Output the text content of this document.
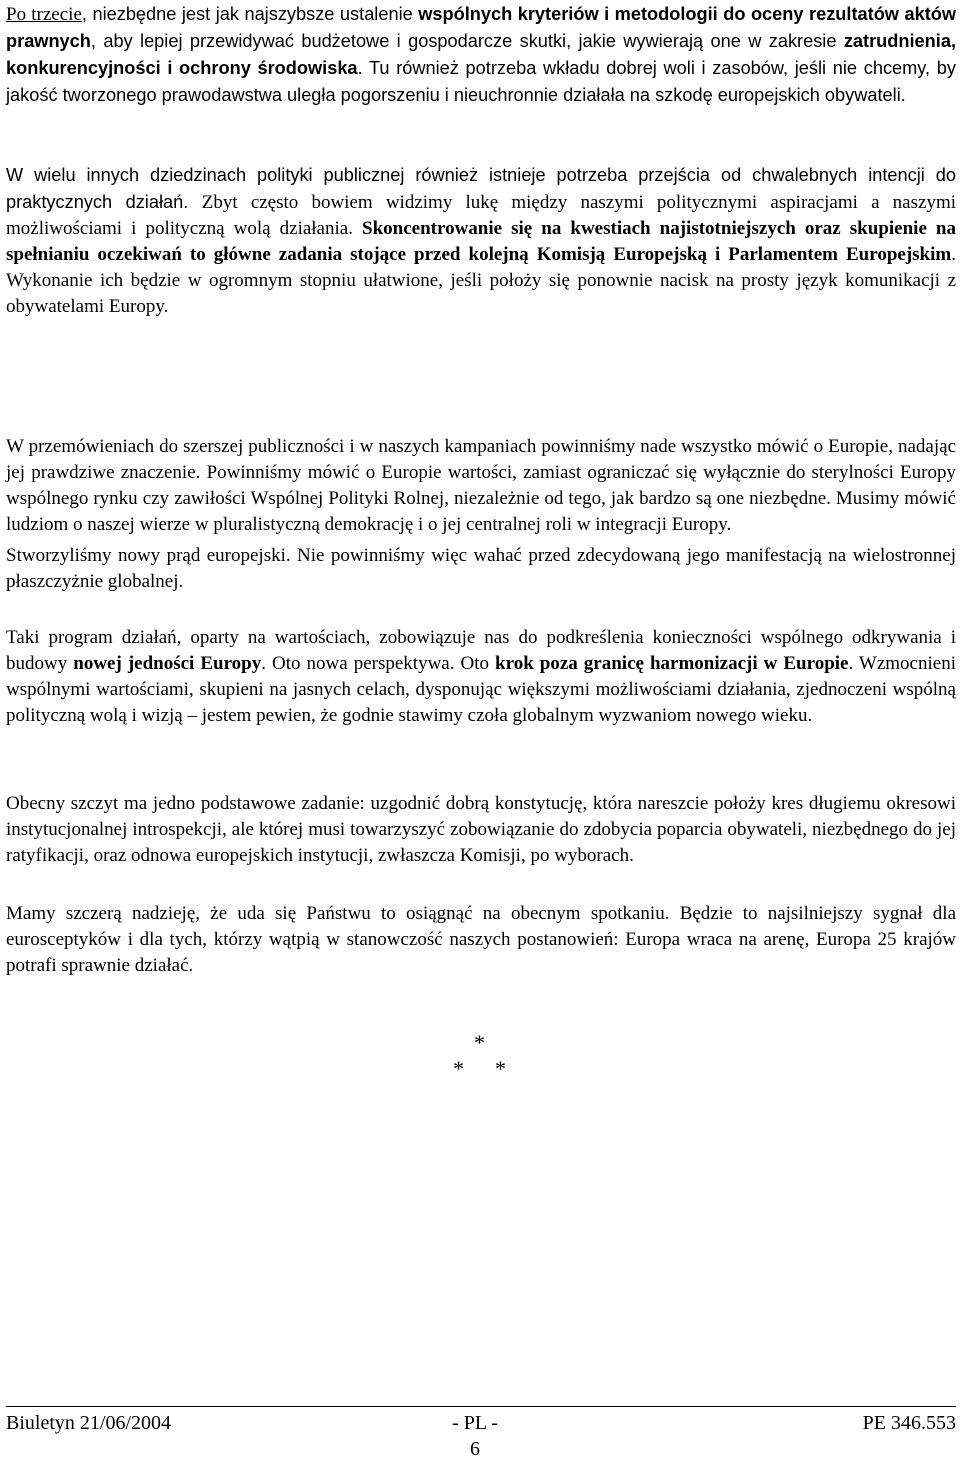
Po trzecie, niezbędne jest jak najszybsze ustalenie wspólnych kryteriów i metodologii do oceny rezultatów aktów prawnych, aby lepiej przewidywać budżetowe i gospodarcze skutki, jakie wywierają one w zakresie zatrudnienia, konkurencyjności i ochrony środowiska. Tu również potrzeba wkładu dobrej woli i zasobów, jeśli nie chcemy, by jakość tworzonego prawodawstwa uległa pogorszeniu i nieuchronnie działała na szkodę europejskich obywateli.

W wielu innych dziedzinach polityki publicznej również istnieje potrzeba przejścia od chwalebnych intencji do praktycznych działań. Zbyt często bowiem widzimy lukę między naszymi politycznymi aspiracjami a naszymi możliwościami i polityczną wolą działania. Skoncentrowanie się na kwestiach najistotniejszych oraz skupienie na spełnianiu oczekiwań to główne zadania stojące przed kolejną Komisją Europejską i Parlamentem Europejskim. Wykonanie ich będzie w ogromnym stopniu ułatwione, jeśli położy się ponownie nacisk na prosty język komunikacji z obywatelami Europy.

W przemówieniach do szerszej publiczności i w naszych kampaniach powinniśmy nade wszystko mówić o Europie, nadając jej prawdziwe znaczenie. Powinniśmy mówić o Europie wartości, zamiast ograniczać się wyłącznie do sterylności Europy wspólnego rynku czy zawiłości Wspólnej Polityki Rolnej, niezależnie od tego, jak bardzo są one niezbędne. Musimy mówić ludziom o naszej wierze w pluralistyczną demokrację i o jej centralnej roli w integracji Europy.

Stworzyliśmy nowy prąd europejski. Nie powinniśmy więc wahać przed zdecydowaną jego manifestacją na wielostronnej płaszczyżnie globalnej.

Taki program działań, oparty na wartościach, zobowiązuje nas do podkreślenia konieczności wspólnego odkrywania i budowy nowej jedności Europy. Oto nowa perspektywa. Oto krok poza granicę harmonizacji w Europie. Wzmocnieni wspólnymi wartościami, skupieni na jasnych celach, dysponując większymi możliwościami działania, zjednoczeni wspólną polityczną wolą i wizją – jestem pewien, że godnie stawimy czoła globalnym wyzwaniom nowego wieku.

Obecny szczyt ma jedno podstawowe zadanie: uzgodnić dobrą konstytucję, która nareszcie położy kres długiemu okresowi instytucjonalnej introspekcji, ale której musi towarzyszyć zobowiązanie do zdobycia poparcia obywateli, niezbędnego do jej ratyfikacji, oraz odnowa europejskich instytucji, zwłaszcza Komisji, po wyborach.

Mamy szczerą nadzieję, że uda się Państwu to osiągnąć na obecnym spotkaniu. Będzie to najsilniejszy sygnał dla eurosceptyków i dla tych, którzy wątpią w stanowczość naszych postanowień: Europa wraca na arenę, Europa 25 krajów potrafi sprawnie działać.

*
* *
Biuletyn 21/06/2004	- PL -
6
PE 346.553
